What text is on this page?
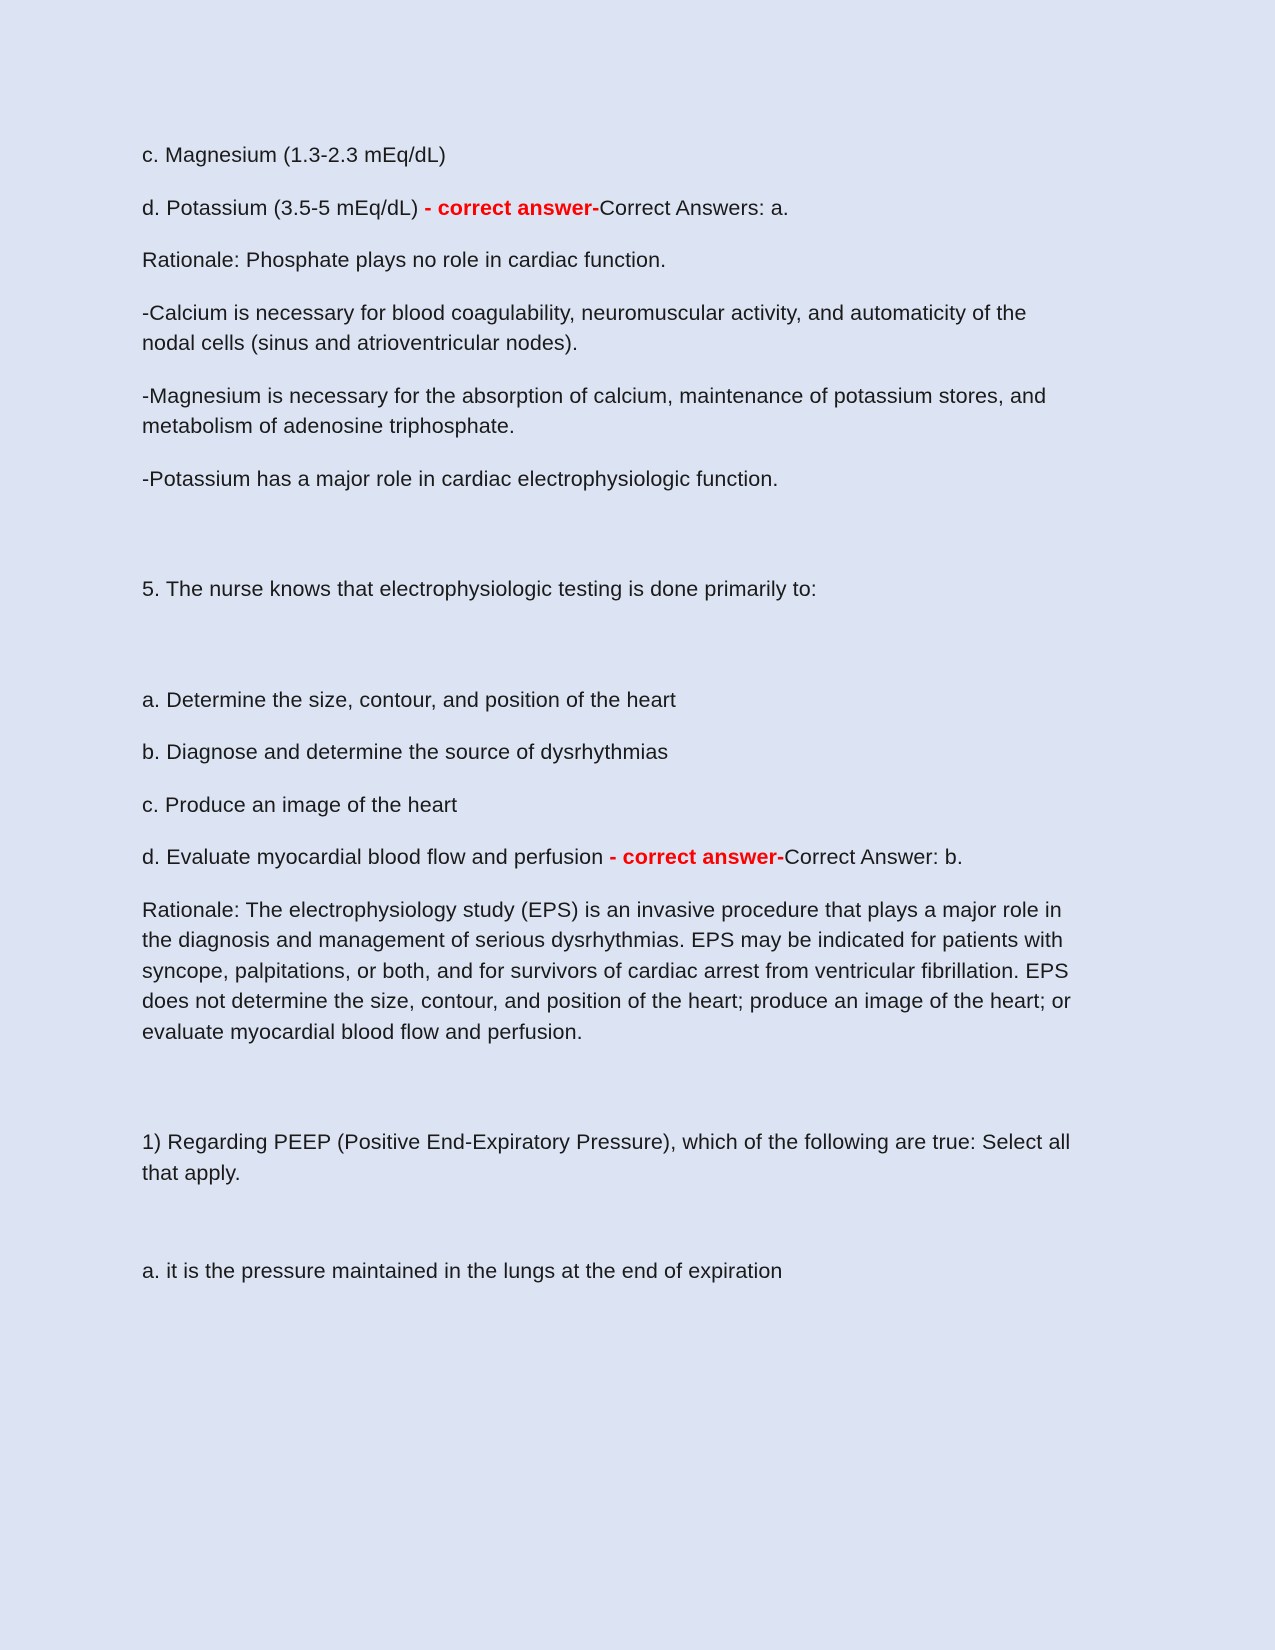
c. Magnesium (1.3-2.3 mEq/dL)

d. Potassium (3.5-5 mEq/dL) - correct answer-Correct Answers: a.

Rationale: Phosphate plays no role in cardiac function.

-Calcium is necessary for blood coagulability, neuromuscular activity, and automaticity of the nodal cells (sinus and atrioventricular nodes).

-Magnesium is necessary for the absorption of calcium, maintenance of potassium stores, and metabolism of adenosine triphosphate.

-Potassium has a major role in cardiac electrophysiologic function.

5. The nurse knows that electrophysiologic testing is done primarily to:

a. Determine the size, contour, and position of the heart

b. Diagnose and determine the source of dysrhythmias

c. Produce an image of the heart

d. Evaluate myocardial blood flow and perfusion - correct answer-Correct Answer: b.

Rationale: The electrophysiology study (EPS) is an invasive procedure that plays a major role in the diagnosis and management of serious dysrhythmias. EPS may be indicated for patients with syncope, palpitations, or both, and for survivors of cardiac arrest from ventricular fibrillation. EPS does not determine the size, contour, and position of the heart; produce an image of the heart; or evaluate myocardial blood flow and perfusion.

1) Regarding PEEP (Positive End-Expiratory Pressure), which of the following are true: Select all that apply.

a. it is the pressure maintained in the lungs at the end of expiration
